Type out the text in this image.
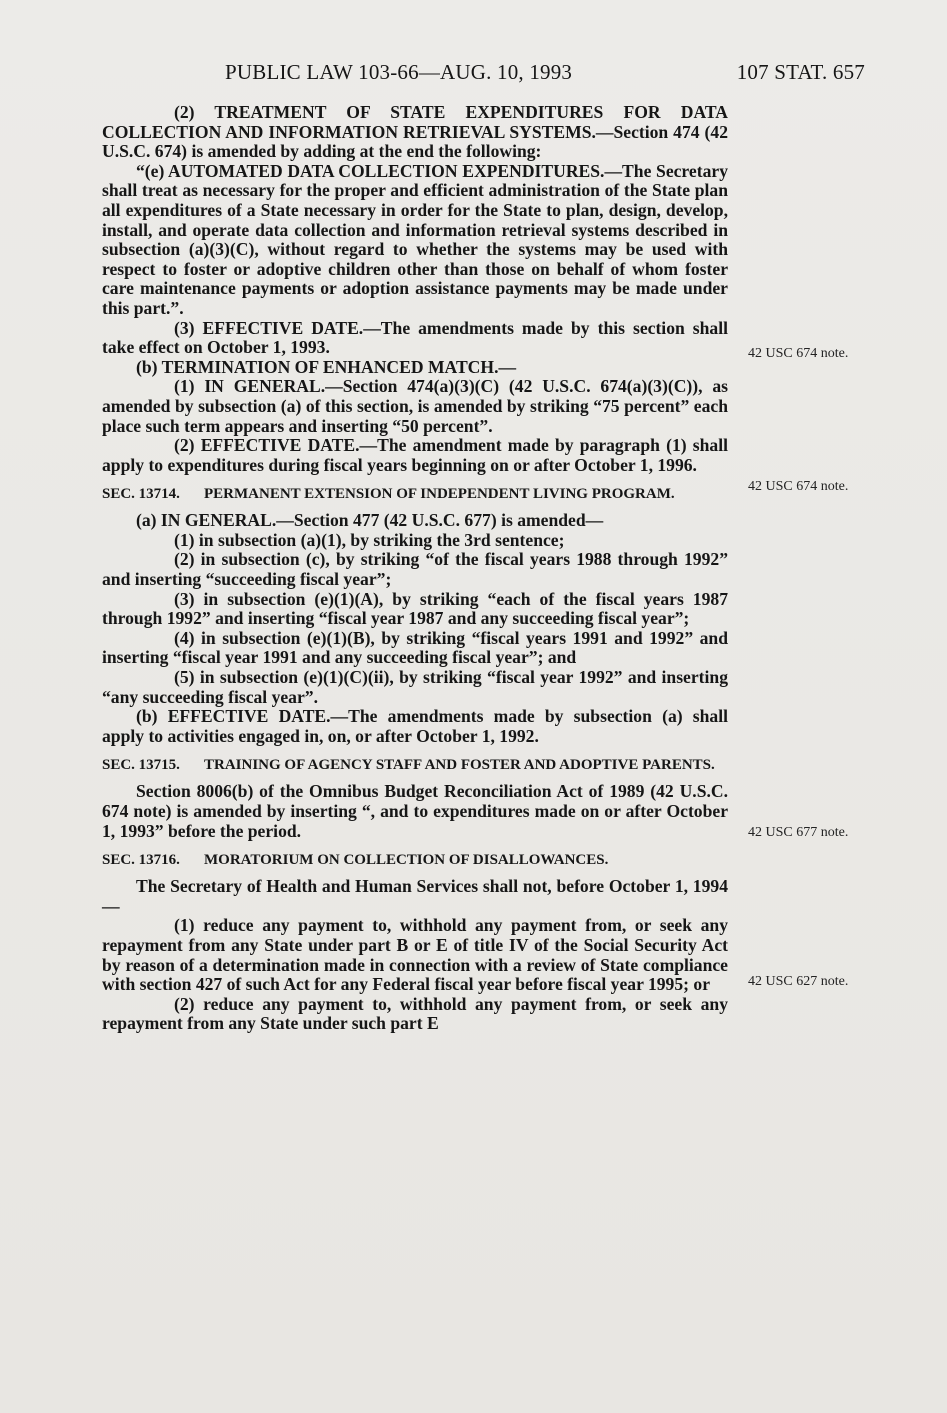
PUBLIC LAW 103-66—AUG. 10, 1993	107 STAT. 657

(2) TREATMENT OF STATE EXPENDITURES FOR DATA COLLECTION AND INFORMATION RETRIEVAL SYSTEMS.—Section 474 (42 U.S.C. 674) is amended by adding at the end the following:

“(e) AUTOMATED DATA COLLECTION EXPENDITURES.—The Secretary shall treat as necessary for the proper and efficient administration of the State plan all expenditures of a State necessary in order for the State to plan, design, develop, install, and operate data collection and information retrieval systems described in subsection (a)(3)(C), without regard to whether the systems may be used with respect to foster or adoptive children other than those on behalf of whom foster care maintenance payments or adoption assistance payments may be made under this part.”.

(3) EFFECTIVE DATE.—The amendments made by this section shall take effect on October 1, 1993.

(b) TERMINATION OF ENHANCED MATCH.—

(1) IN GENERAL.—Section 474(a)(3)(C) (42 U.S.C. 674(a)(3)(C)), as amended by subsection (a) of this section, is amended by striking “75 percent” each place such term appears and inserting “50 percent”.

(2) EFFECTIVE DATE.—The amendment made by paragraph (1) shall apply to expenditures during fiscal years beginning on or after October 1, 1996.

SEC. 13714. PERMANENT EXTENSION OF INDEPENDENT LIVING PROGRAM.

(a) IN GENERAL.—Section 477 (42 U.S.C. 677) is amended—

(1) in subsection (a)(1), by striking the 3rd sentence;

(2) in subsection (c), by striking “of the fiscal years 1988 through 1992” and inserting “succeeding fiscal year”;

(3) in subsection (e)(1)(A), by striking “each of the fiscal years 1987 through 1992” and inserting “fiscal year 1987 and any succeeding fiscal year”;

(4) in subsection (e)(1)(B), by striking “fiscal years 1991 and 1992” and inserting “fiscal year 1991 and any succeeding fiscal year”; and

(5) in subsection (e)(1)(C)(ii), by striking “fiscal year 1992” and inserting “any succeeding fiscal year”.

(b) EFFECTIVE DATE.—The amendments made by subsection (a) shall apply to activities engaged in, on, or after October 1, 1992.

SEC. 13715. TRAINING OF AGENCY STAFF AND FOSTER AND ADOPTIVE PARENTS.

Section 8006(b) of the Omnibus Budget Reconciliation Act of 1989 (42 U.S.C. 674 note) is amended by inserting “, and to expenditures made on or after October 1, 1993” before the period.

SEC. 13716. MORATORIUM ON COLLECTION OF DISALLOWANCES.

The Secretary of Health and Human Services shall not, before October 1, 1994—

(1) reduce any payment to, withhold any payment from, or seek any repayment from any State under part B or E of title IV of the Social Security Act by reason of a determination made in connection with a review of State compliance with section 427 of such Act for any Federal fiscal year before fiscal year 1995; or

(2) reduce any payment to, withhold any payment from, or seek any repayment from any State under such part E

42 USC 674 note.
42 USC 674 note.
42 USC 677 note.
42 USC 627 note.
